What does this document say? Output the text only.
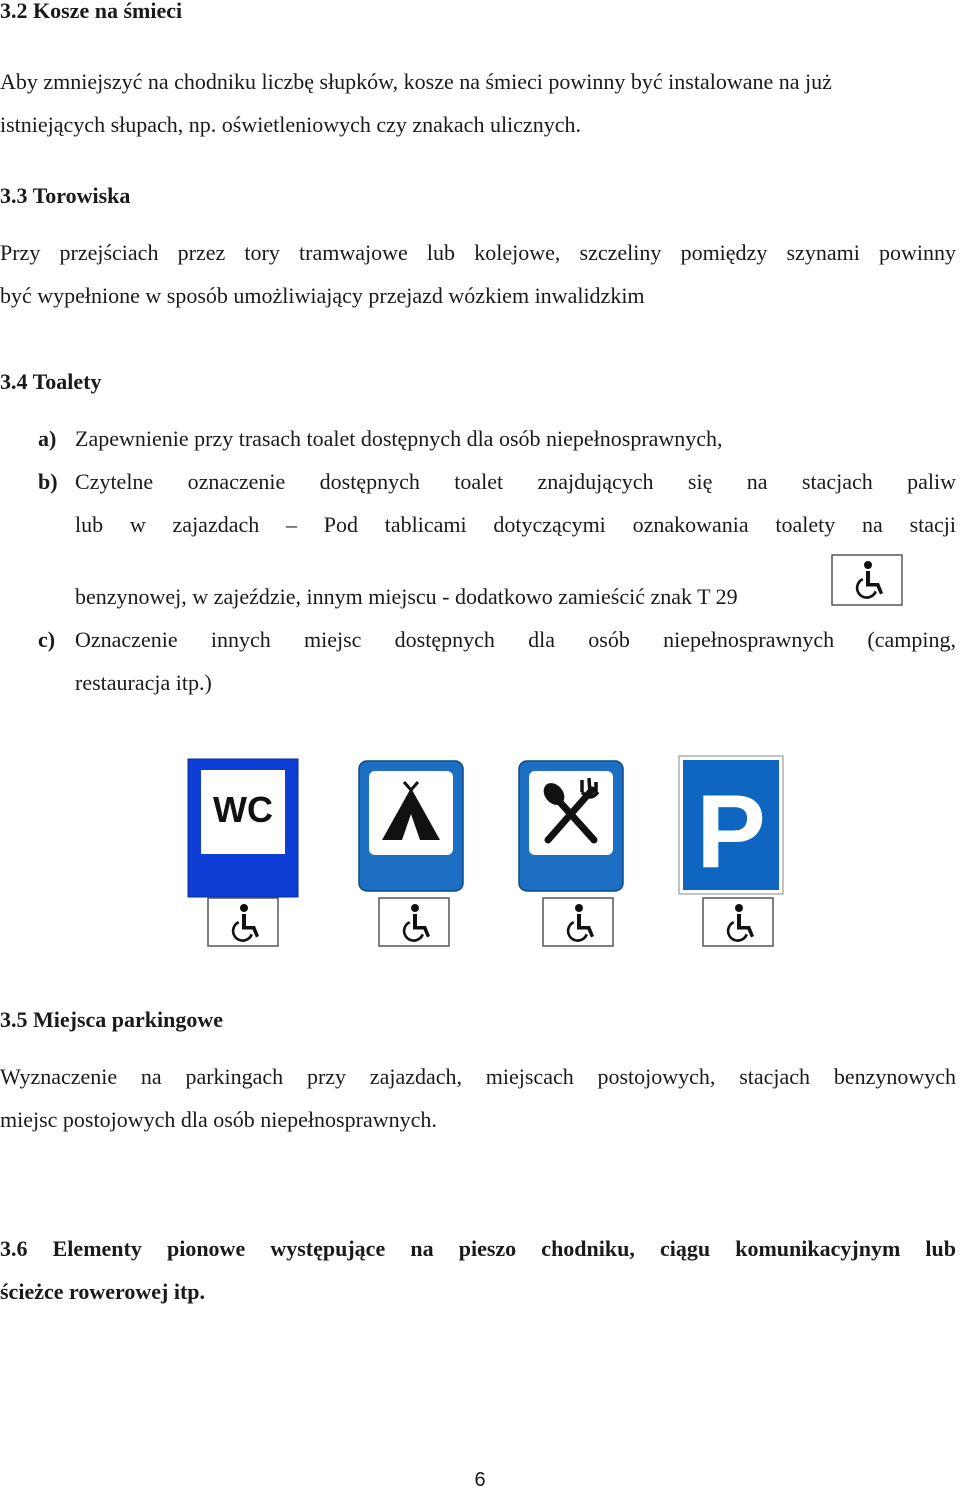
3.2 Kosze na śmieci
Aby zmniejszyć na chodniku liczbę słupków, kosze na śmieci powinny być instalowane na już
istniejących słupach, np. oświetleniowych czy znakach ulicznych.
3.3 Torowiska
Przy przejściach przez tory tramwajowe lub kolejowe, szczeliny pomiędzy szynami powinny
być wypełnione w sposób umożliwiający przejazd wózkiem inwalidzkim
3.4 Toalety
a) Zapewnienie przy trasach toalet dostępnych dla osób niepełnosprawnych,
b) Czytelne oznaczenie dostępnych toalet znajdujących się na stacjach paliw
lub w zajazdach – Pod tablicami dotyczącymi oznakowania toalety na stacji
benzynowej, w zajeździe, innym miejscu - dodatkowo zamieścić znak T 29
c) Oznaczenie innych miejsc dostępnych dla osób niepełnosprawnych (camping,
restauracja itp.)
WC	P
3.5 Miejsca parkingowe
Wyznaczenie na parkingach przy zajazdach, miejscach postojowych, stacjach benzynowych
miejsc postojowych dla osób niepełnosprawnych.
3.6 Elementy pionowe występujące na pieszo chodniku, ciągu komunikacyjnym lub
ścieżce rowerowej itp.
6
